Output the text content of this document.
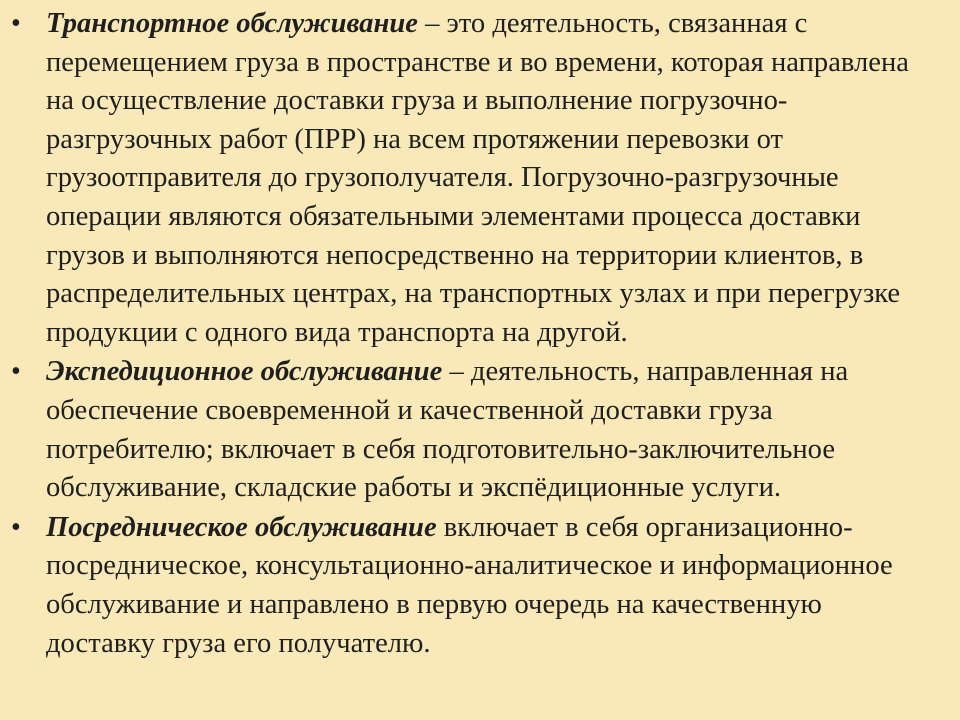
• Транспортное обслуживание – это деятельность, связанная с перемещением груза в пространстве и во времени, которая направлена на осуществление доставки груза и выполнение погрузочно-разгрузочных работ (ПРР) на всем протяжении перевозки от грузоотправителя до грузополучателя. Погрузочно-разгрузочные операции являются обязательными элементами процесса доставки грузов и выполняются непосредственно на территории клиентов, в распределительных центрах, на транспортных узлах и при перегрузке продукции с одного вида транспорта на другой.
• Экспедиционное обслуживание – деятельность, направленная на обеспечение своевременной и качественной доставки груза потребителю; включает в себя подготовительно-заключительное обслуживание, складские работы и экспёдиционные услуги.
• Посредническое обслуживание включает в себя организационно-посредническое, консультационно-аналитическое и информационное обслуживание и направлено в первую очередь на качественную доставку груза его получателю.
